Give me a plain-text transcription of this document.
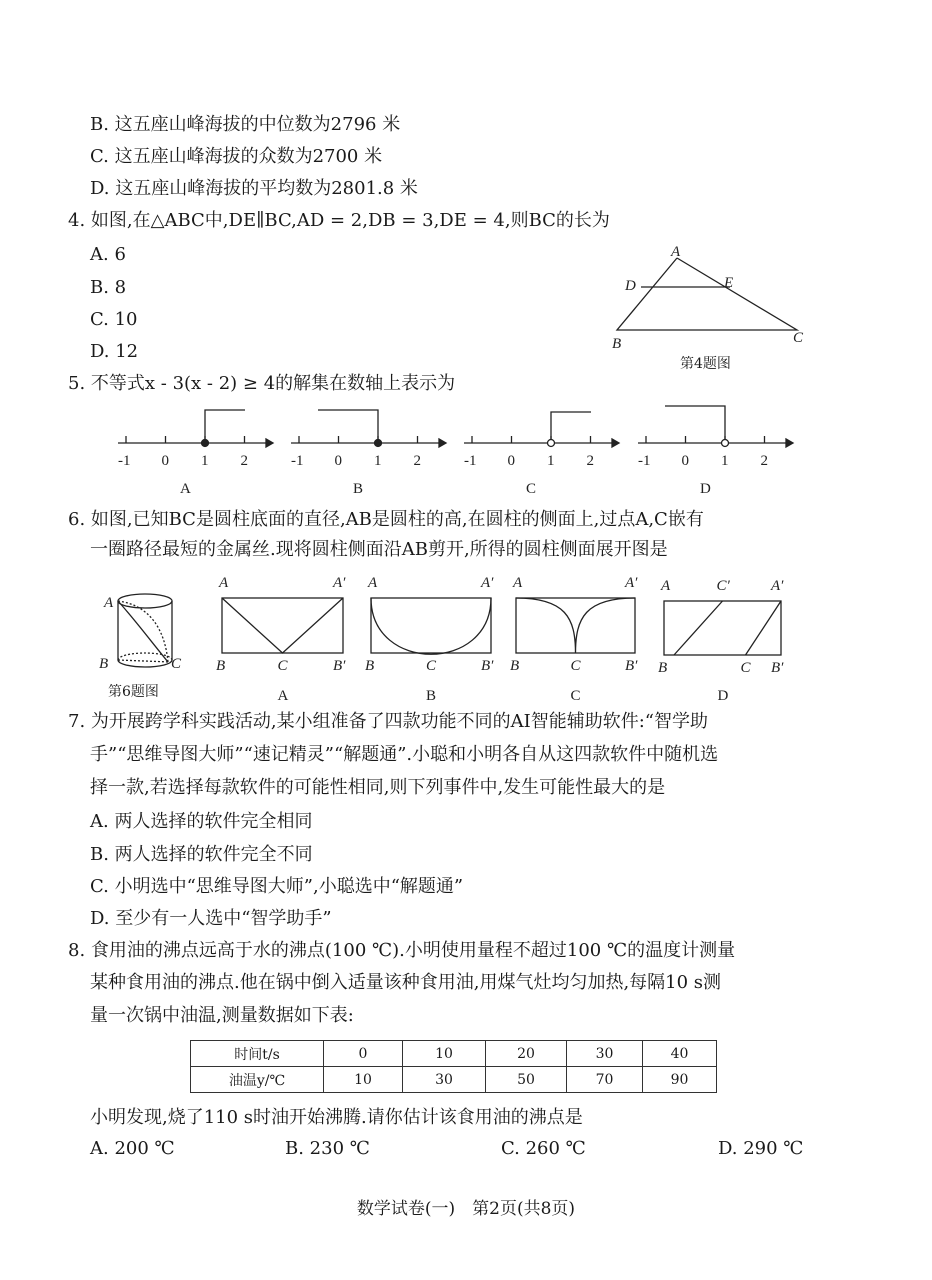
B. 这五座山峰海拔的中位数为2796 米
C. 这五座山峰海拔的众数为2700 米
D. 这五座山峰海拔的平均数为2801.8 米
4. 如图,在△ABC中,DE∥BC,AD = 2,DB = 3,DE = 4,则BC的长为
A. 6
B. 8
C. 10
D. 12
第4题图
5. 不等式x - 3(x - 2) ≥ 4的解集在数轴上表示为
6. 如图,已知BC是圆柱底面的直径,AB是圆柱的高,在圆柱的侧面上,过点A,C嵌有
一圈路径最短的金属丝.现将圆柱侧面沿AB剪开,所得的圆柱侧面展开图是
第6题图
7. 为开展跨学科实践活动,某小组准备了四款功能不同的AI智能辅助软件:“智学助
手”“思维导图大师”“速记精灵”“解题通”.小聪和小明各自从这四款软件中随机选
择一款,若选择每款软件的可能性相同,则下列事件中,发生可能性最大的是
A. 两人选择的软件完全相同
B. 两人选择的软件完全不同
C. 小明选中“思维导图大师”,小聪选中“解题通”
D. 至少有一人选中“智学助手”
8. 食用油的沸点远高于水的沸点(100 ℃).小明使用量程不超过100 ℃的温度计测量
某种食用油的沸点.他在锅中倒入适量该种食用油,用煤气灶均匀加热,每隔10 s测
量一次锅中油温,测量数据如下表:
时间t/s	0	10	20	30	40
油温y/℃	10	30	50	70	90
小明发现,烧了110 s时油开始沸腾.请你估计该食用油的沸点是
A. 200 ℃	B. 230 ℃	C. 260 ℃	D. 290 ℃
数学试卷(一)　第2页(共8页)
A
D	E
B	C
-1 0 1 2
A
-1 0 1 2
B
-1 0 1 2
C
-1 0 1 2
D
A	A′
B	C	B′
A
A	A′
B	C	B′
B
A	A′
B	C	B′
C
A	A′
B	C B′
C′
D
A
B	C
